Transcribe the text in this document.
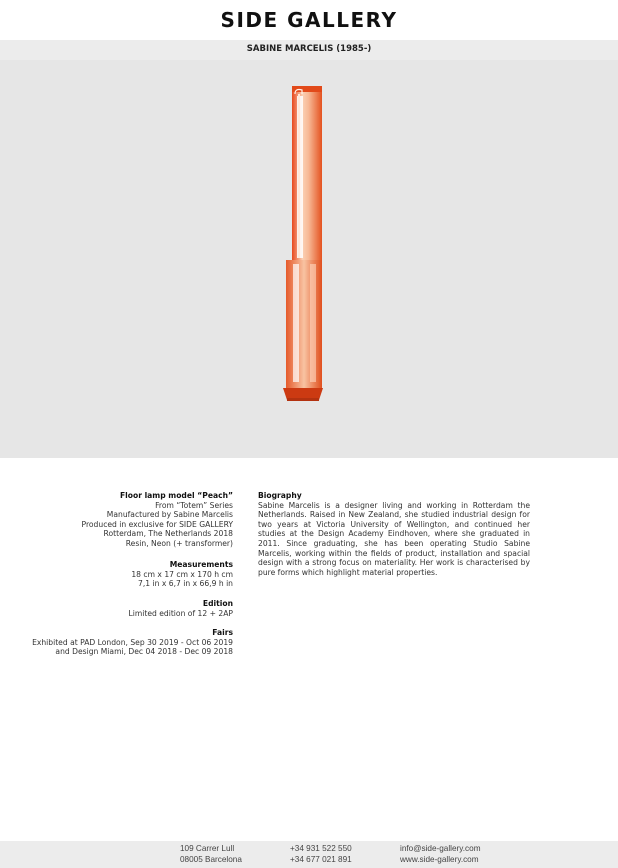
SIDE GALLERY
SABINE MARCELIS (1985-)
Floor lamp model “Peach”
From “Totem” Series
Manufactured by Sabine Marcelis
Produced in exclusive for SIDE GALLERY
Rotterdam, The Netherlands 2018
Resin, Neon (+ transformer)
Measurements
18 cm x 17 cm x 170 h cm
7,1 in x 6,7 in x 66,9 h in
Edition
Limited edition of 12 + 2AP
Fairs
Exhibited at PAD London, Sep 30 2019 - Oct 06 2019
and Design Miami, Dec 04 2018 - Dec 09 2018
Biography

Sabine Marcelis is a designer living and working in Rotterdam the Netherlands. Raised in New Zealand, she studied industrial design for two years at Victoria University of Wellington, and continued her studies at the Design Academy Eindhoven, where she graduated in 2011. Since graduating, she has been operating Studio Sabine Marcelis, working within the fields of product, installation and spacial design with a strong focus on materiality. Her work is characterised by pure forms which highlight material properties.

109 Carrer Lull
08005 Barcelona
+34 931 522 550
+34 677 021 891
info@side-gallery.com
www.side-gallery.com
